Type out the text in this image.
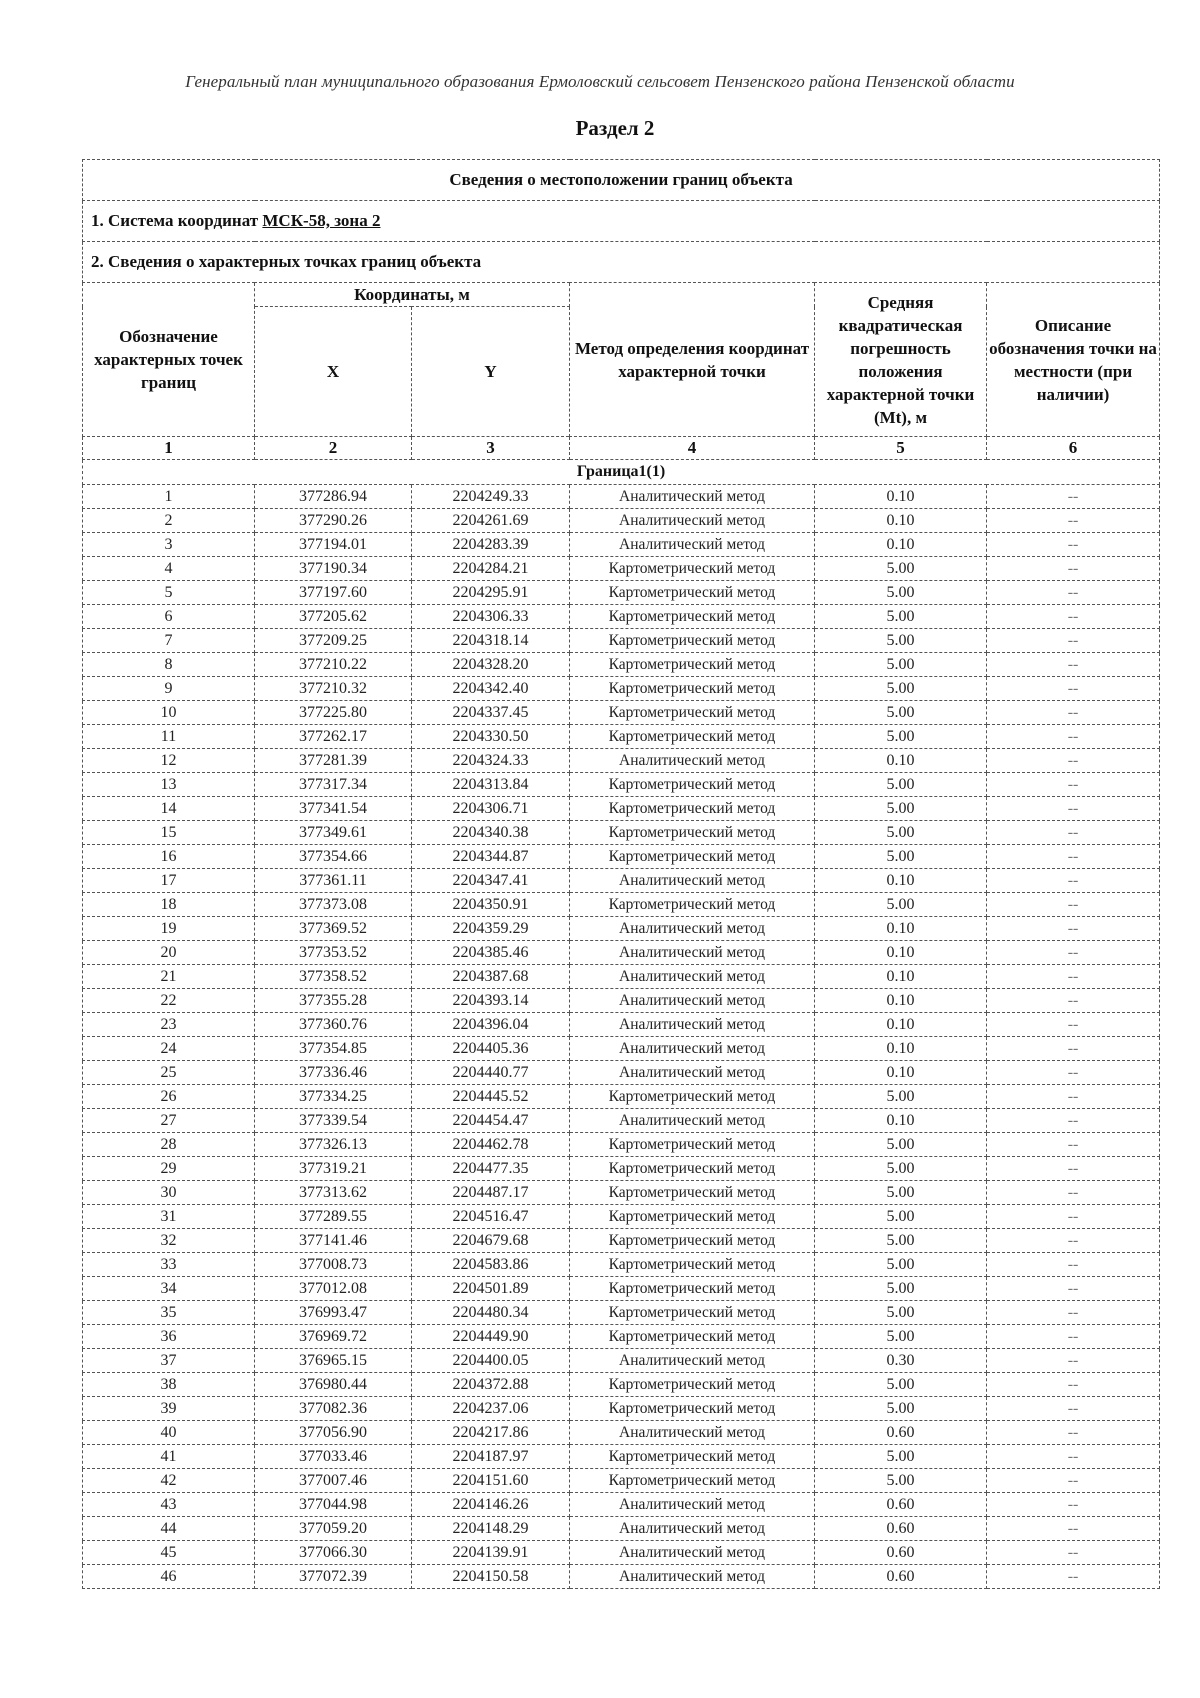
Генеральный план муниципального образования Ермоловский сельсовет Пензенского района Пензенской области
Раздел 2
Сведения о местоположении границ объекта					
1. Система координат МСК-58, зона 2					
2. Сведения о характерных точках границ объекта					
Обозначение характерных точек границ	Координаты, м		Метод определения координат характерной точки	Средняя квадратическая погрешность положения характерной точки (Мt), м	Описание обозначения точки на местности (при наличии)
	X	Y			
1	2	3	4	5	6
Граница1(1)					
1	377286.94	2204249.33	Аналитический метод	0.10	--
2	377290.26	2204261.69	Аналитический метод	0.10	--
3	377194.01	2204283.39	Аналитический метод	0.10	--
4	377190.34	2204284.21	Картометрический метод	5.00	--
5	377197.60	2204295.91	Картометрический метод	5.00	--
6	377205.62	2204306.33	Картометрический метод	5.00	--
7	377209.25	2204318.14	Картометрический метод	5.00	--
8	377210.22	2204328.20	Картометрический метод	5.00	--
9	377210.32	2204342.40	Картометрический метод	5.00	--
10	377225.80	2204337.45	Картометрический метод	5.00	--
11	377262.17	2204330.50	Картометрический метод	5.00	--
12	377281.39	2204324.33	Аналитический метод	0.10	--
13	377317.34	2204313.84	Картометрический метод	5.00	--
14	377341.54	2204306.71	Картометрический метод	5.00	--
15	377349.61	2204340.38	Картометрический метод	5.00	--
16	377354.66	2204344.87	Картометрический метод	5.00	--
17	377361.11	2204347.41	Аналитический метод	0.10	--
18	377373.08	2204350.91	Картометрический метод	5.00	--
19	377369.52	2204359.29	Аналитический метод	0.10	--
20	377353.52	2204385.46	Аналитический метод	0.10	--
21	377358.52	2204387.68	Аналитический метод	0.10	--
22	377355.28	2204393.14	Аналитический метод	0.10	--
23	377360.76	2204396.04	Аналитический метод	0.10	--
24	377354.85	2204405.36	Аналитический метод	0.10	--
25	377336.46	2204440.77	Аналитический метод	0.10	--
26	377334.25	2204445.52	Картометрический метод	5.00	--
27	377339.54	2204454.47	Аналитический метод	0.10	--
28	377326.13	2204462.78	Картометрический метод	5.00	--
29	377319.21	2204477.35	Картометрический метод	5.00	--
30	377313.62	2204487.17	Картометрический метод	5.00	--
31	377289.55	2204516.47	Картометрический метод	5.00	--
32	377141.46	2204679.68	Картометрический метод	5.00	--
33	377008.73	2204583.86	Картометрический метод	5.00	--
34	377012.08	2204501.89	Картометрический метод	5.00	--
35	376993.47	2204480.34	Картометрический метод	5.00	--
36	376969.72	2204449.90	Картометрический метод	5.00	--
37	376965.15	2204400.05	Аналитический метод	0.30	--
38	376980.44	2204372.88	Картометрический метод	5.00	--
39	377082.36	2204237.06	Картометрический метод	5.00	--
40	377056.90	2204217.86	Аналитический метод	0.60	--
41	377033.46	2204187.97	Картометрический метод	5.00	--
42	377007.46	2204151.60	Картометрический метод	5.00	--
43	377044.98	2204146.26	Аналитический метод	0.60	--
44	377059.20	2204148.29	Аналитический метод	0.60	--
45	377066.30	2204139.91	Аналитический метод	0.60	--
46	377072.39	2204150.58	Аналитический метод	0.60	--
